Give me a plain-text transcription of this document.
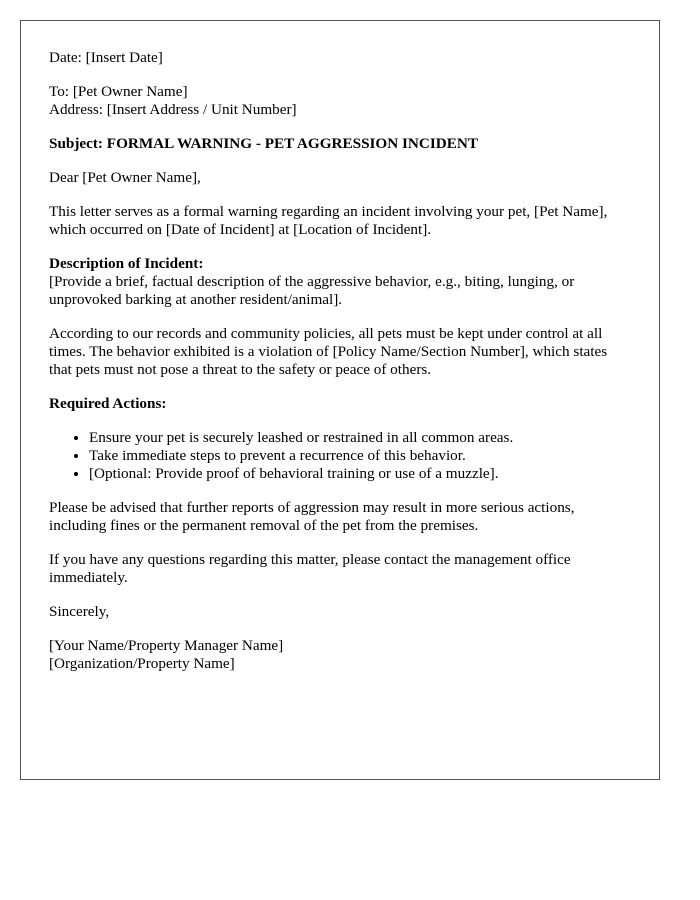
Date: [Insert Date]

To: [Pet Owner Name]
Address: [Insert Address / Unit Number]

Subject: FORMAL WARNING - PET AGGRESSION INCIDENT

Dear [Pet Owner Name],

This letter serves as a formal warning regarding an incident involving your pet, [Pet Name], which occurred on [Date of Incident] at [Location of Incident].

Description of Incident:
[Provide a brief, factual description of the aggressive behavior, e.g., biting, lunging, or unprovoked barking at another resident/animal].

According to our records and community policies, all pets must be kept under control at all times. The behavior exhibited is a violation of [Policy Name/Section Number], which states that pets must not pose a threat to the safety or peace of others.

Required Actions:

• Ensure your pet is securely leashed or restrained in all common areas.
• Take immediate steps to prevent a recurrence of this behavior.
• [Optional: Provide proof of behavioral training or use of a muzzle].

Please be advised that further reports of aggression may result in more serious actions, including fines or the permanent removal of the pet from the premises.

If you have any questions regarding this matter, please contact the management office immediately.

Sincerely,

[Your Name/Property Manager Name]
[Organization/Property Name]
